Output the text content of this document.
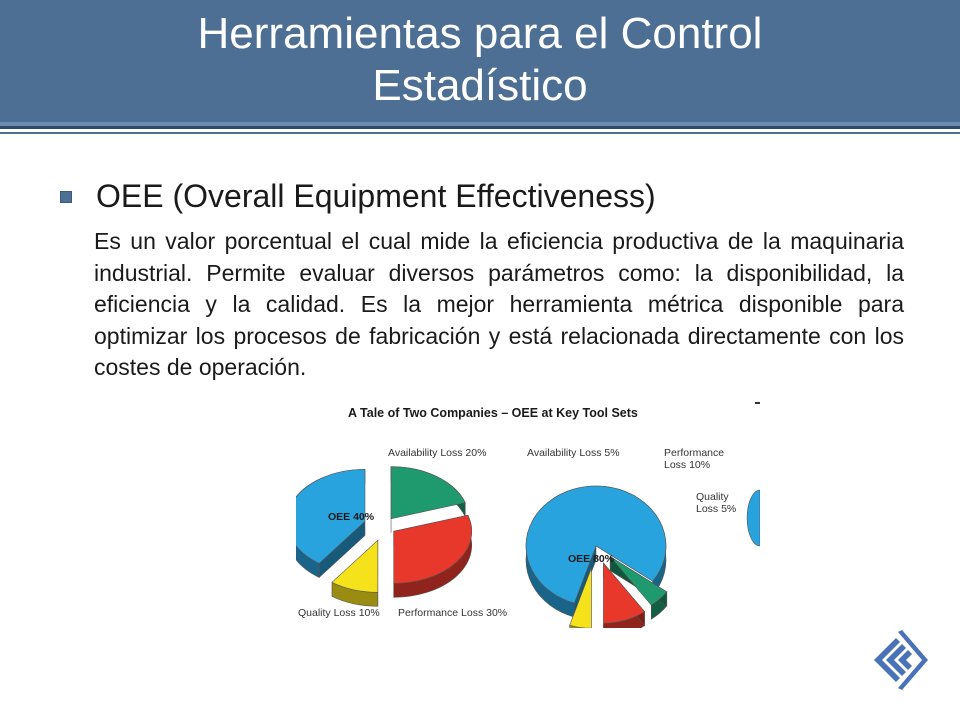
Herramientas para el Control
Estadístico
OEE (Overall Equipment Effectiveness)
Es un valor porcentual el cual mide la eficiencia productiva de la maquinaria industrial. Permite evaluar diversos parámetros como: la disponibilidad, la eficiencia y la calidad. Es la mejor herramienta métrica disponible para optimizar los procesos de fabricación y está relacionada directamente con los costes de operación.
A Tale of Two Companies – OEE at Key Tool Sets
OEE 40%
Availability Loss 20%
Performance Loss 30%
Quality Loss 10%
OEE 80%
Availability Loss 5%	Performance
Loss 10%
Quality
Loss 5%
